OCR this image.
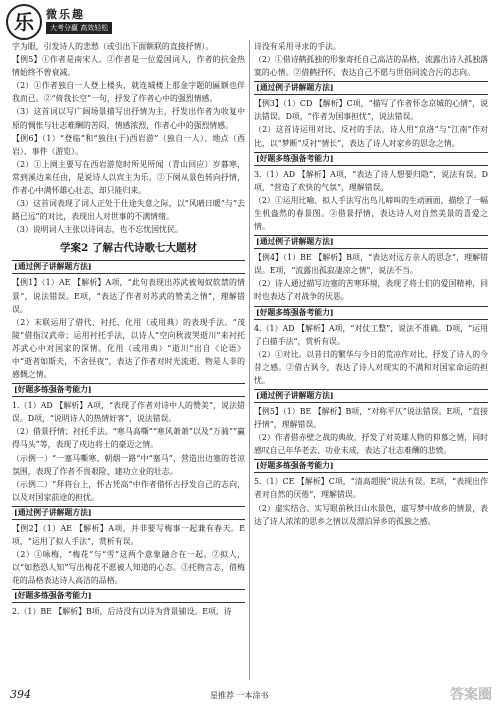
乐	微乐趣
大考分赢 高效轻松
字为眼，引发诗人的悲愁（或引出下面额联的直接抒情）。
【例5】①作者是南宋人。②作者是一位爱国词人，作者的抗金热情始终不曾衰减。
（2）①作者独自一人登上楼头，就连城楼上那金字题的匾额也伴我而已。②“倚我长空”一句，抒发了作者心中的强烈情感。
（3）这首词以写广阔场景描写出抒情为主，抒发出作者为收复中原的惆怅与壮志难酬的苦闷，情感浓烈，作者心中的强烈情感。
【例6】（1）“登临”和“独往(于)西岩游”（独自一人）、地点（西岩）、事件（游览）。
（2）①上阕主要写在西岩游览时所见所闻（青山回应）岁暮寒，常到溪边来任由，是说诗人以宾主为乐。②下阕从景色转向抒情，作者心中满怀雄心壮志，却只能归来。
（3）这首词表现了词人正处于仕途失意之际，以“风晴日暖”与“去路已远”的对比，表现出人对世事的不满情绪。
（3）说明词人主张以诗词志，也不忘忧国忧民。
学案2 了解古代诗歌七大题材
[通过例子讲解题方法]
【例1】（1）AE 【解析】A项，“此句表现出苏武被匈奴软禁的情景”，说法错误。E项，“表达了作者对苏武的赞美之情”，理解错误。
（2）末联运用了借代、衬托、化用（或用典）的表现手法。“茂陵”借指汉武帝；运用衬托手法，以诗人“空向秋波哭逝川”来衬托苏武心中对国家的深情。化用（或用典）“逝川”出自《论语》中“逝者如斯夫，不舍昼夜”，表达了作者对时光流逝、物是人非的感慨之情。
[好题多练强备考能力]
1.（1）AD 【解析】A项，“表现了作者对诗中人的赞美”，说法错误。D项，“说明诗人的热情好客”，说法错误。
（2）借景抒情；衬托手法。“寒马高嘶”“寒风萧萧”以及“万骑”“赢得马头”等，表现了戍边将士的豪迈之情。
（示例一）“一塞马嘶寒、朝烟一路”中“塞马”，营造出边塞的苍凉氛围，表现了作者不畏艰险、建功立业的壮志。
（示例二）“拜将台上，怀古凭高”中作者借怀古抒发自己的志向，以及对国家前途的担忧。
[通过例子讲解题方法]
【例2】（1）AE 【解析】A项，并非要写梅事一起兼有春天。E项，“运用了拟人手法”，赏析有误。
（2）①咏梅，“梅花”与“雪”这两个意象融合在一起。②拟人，以“如愁恐人知”写出梅花不愿被人知道的心态。③托物言志，借梅花的品格表达诗人高洁的品格。
[好题多练强备考能力]
2.（1）BE 【解析】B项，后诗没有以诗为背景铺设。E项，诗
诗没有采用寻求的手法。
（2）①借诗鹤孤独的形象寄托自己高洁的品格，流露出诗人孤独落寞的心情。②借鹤抒怀，表达自己不愿与世俗同流合污的志向。
[通过例子讲解题方法]
【例3】（1）CD 【解析】C项，“描写了作者怀念京城的心情”，说法错误。D项，“作者为国事担忧”，说法错误。
（2）这首诗运用对比、反衬的手法。诗人用“京洛”与“江南”作对比，以“梦断”反衬“情长”，表达了诗人对家乡的思念之情。
[好题多练强备考能力]
3.（1）AD 【解析】A项，“表达了诗人想要归隐”，说法有误。D项，“营造了欢快的气氛”，理解错误。
（2）①运用比喻、拟人手法写出鸟儿啼叫的生动画面，描绘了一幅生机盎然的春景图。②借景抒情，表达诗人对自然美景的喜爱之情。
[通过例子讲解题方法]
【例4】（1）BE 【解析】B项，“表达对远方亲人的思念”，理解错误。E项，“流露出孤寂凄凉之情”，说法不当。
（2）诗人通过描写边塞的苦寒环境，表现了将士们的爱国精神，同时也表达了对战争的厌恶。
[好题多练强备考能力]
4.（1）AD 【解析】A项，“对仗工整”，说法不准确。D项，“运用了白描手法”，赏析有误。
（2）①对比。以昔日的繁华与今日的荒凉作对比，抒发了诗人的今昔之感。②借古讽今，表达了诗人对现实的不满和对国家命运的担忧。
[通过例子讲解题方法]
【例5】（1）BE 【解析】B项，“对称平仄”说法错误。E项，“直接抒情”，理解错误。
（2）作者借赤壁之战的典故，抒发了对英雄人物的仰慕之情，同时感叹自己年华老去、功业未成，表达了壮志难酬的悲愤。
[好题多练强备考能力]
5.（1）CE 【解析】C项，“清高超脱”说法有误。E项，“表现出作者对自然的厌倦”，理解错误。
（2）虚实结合。实写眼前秋日山水景色，虚写梦中故乡的情景，表达了诗人浓浓的思乡之情以及漂泊异乡的孤独之感。
394	星推荐 一本涂书	答案圈
